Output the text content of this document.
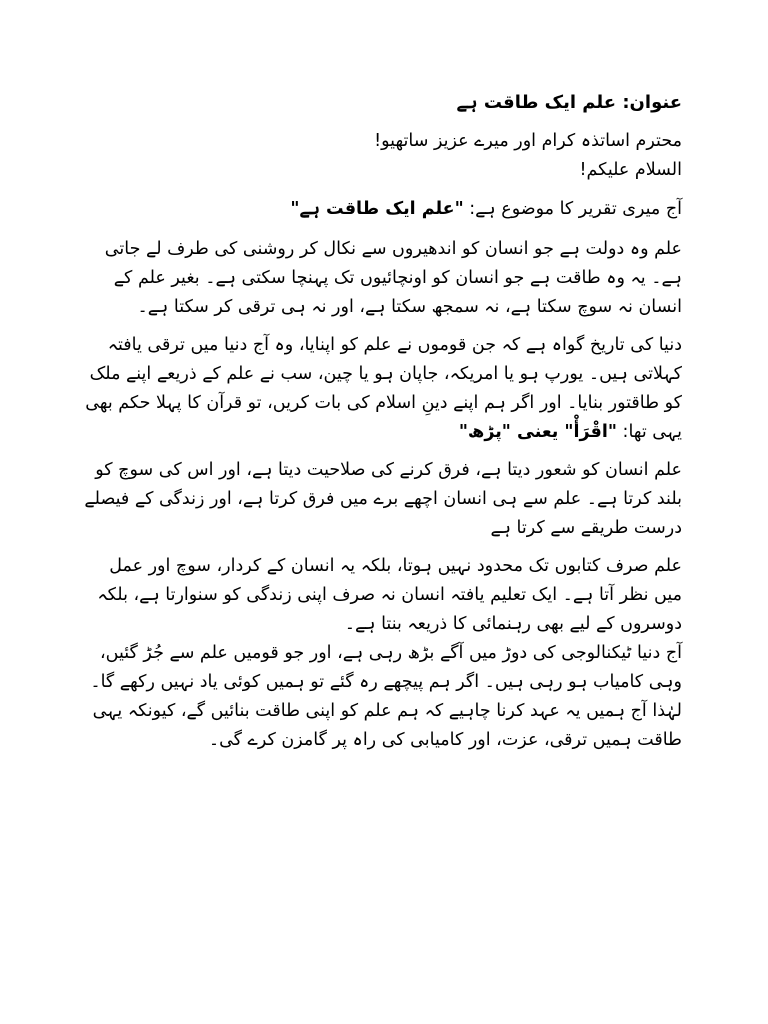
عنوان: علم ایک طاقت ہے

محترم اساتذہ کرام اور میرے عزیز ساتھیو!
السلام علیکم!

آج میری تقریر کا موضوع ہے: "علم ایک طاقت ہے"

علم وہ دولت ہے جو انسان کو اندھیروں سے نکال کر روشنی کی طرف لے جاتی ہے۔ یہ وہ طاقت ہے جو انسان کو اونچائیوں تک پہنچا سکتی ہے۔ بغیر علم کے انسان نہ سوچ سکتا ہے، نہ سمجھ سکتا ہے، اور نہ ہی ترقی کر سکتا ہے۔

دنیا کی تاریخ گواہ ہے کہ جن قوموں نے علم کو اپنایا، وہ آج دنیا میں ترقی یافتہ کہلاتی ہیں۔ یورپ ہو یا امریکہ، جاپان ہو یا چین، سب نے علم کے ذریعے اپنے ملک کو طاقتور بنایا۔ اور اگر ہم اپنے دینِ اسلام کی بات کریں، تو قرآن کا پہلا حکم بھی یہی تھا: "اقْرَأْ" یعنی "پڑھ"

علم انسان کو شعور دیتا ہے، فرق کرنے کی صلاحیت دیتا ہے، اور اس کی سوچ کو بلند کرتا ہے۔ علم سے ہی انسان اچھے برے میں فرق کرتا ہے، اور زندگی کے فیصلے درست طریقے سے کرتا ہے

علم صرف کتابوں تک محدود نہیں ہوتا، بلکہ یہ انسان کے کردار، سوچ اور عمل میں نظر آتا ہے۔ ایک تعلیم یافتہ انسان نہ صرف اپنی زندگی کو سنوارتا ہے، بلکہ دوسروں کے لیے بھی رہنمائی کا ذریعہ بنتا ہے۔

آج دنیا ٹیکنالوجی کی دوڑ میں آگے بڑھ رہی ہے، اور جو قومیں علم سے جُڑ گئیں، وہی کامیاب ہو رہی ہیں۔ اگر ہم پیچھے رہ گئے تو ہمیں کوئی یاد نہیں رکھے گا۔

لہٰذا آج ہمیں یہ عہد کرنا چاہیے کہ ہم علم کو اپنی طاقت بنائیں گے، کیونکہ یہی طاقت ہمیں ترقی، عزت، اور کامیابی کی راہ پر گامزن کرے گی۔
